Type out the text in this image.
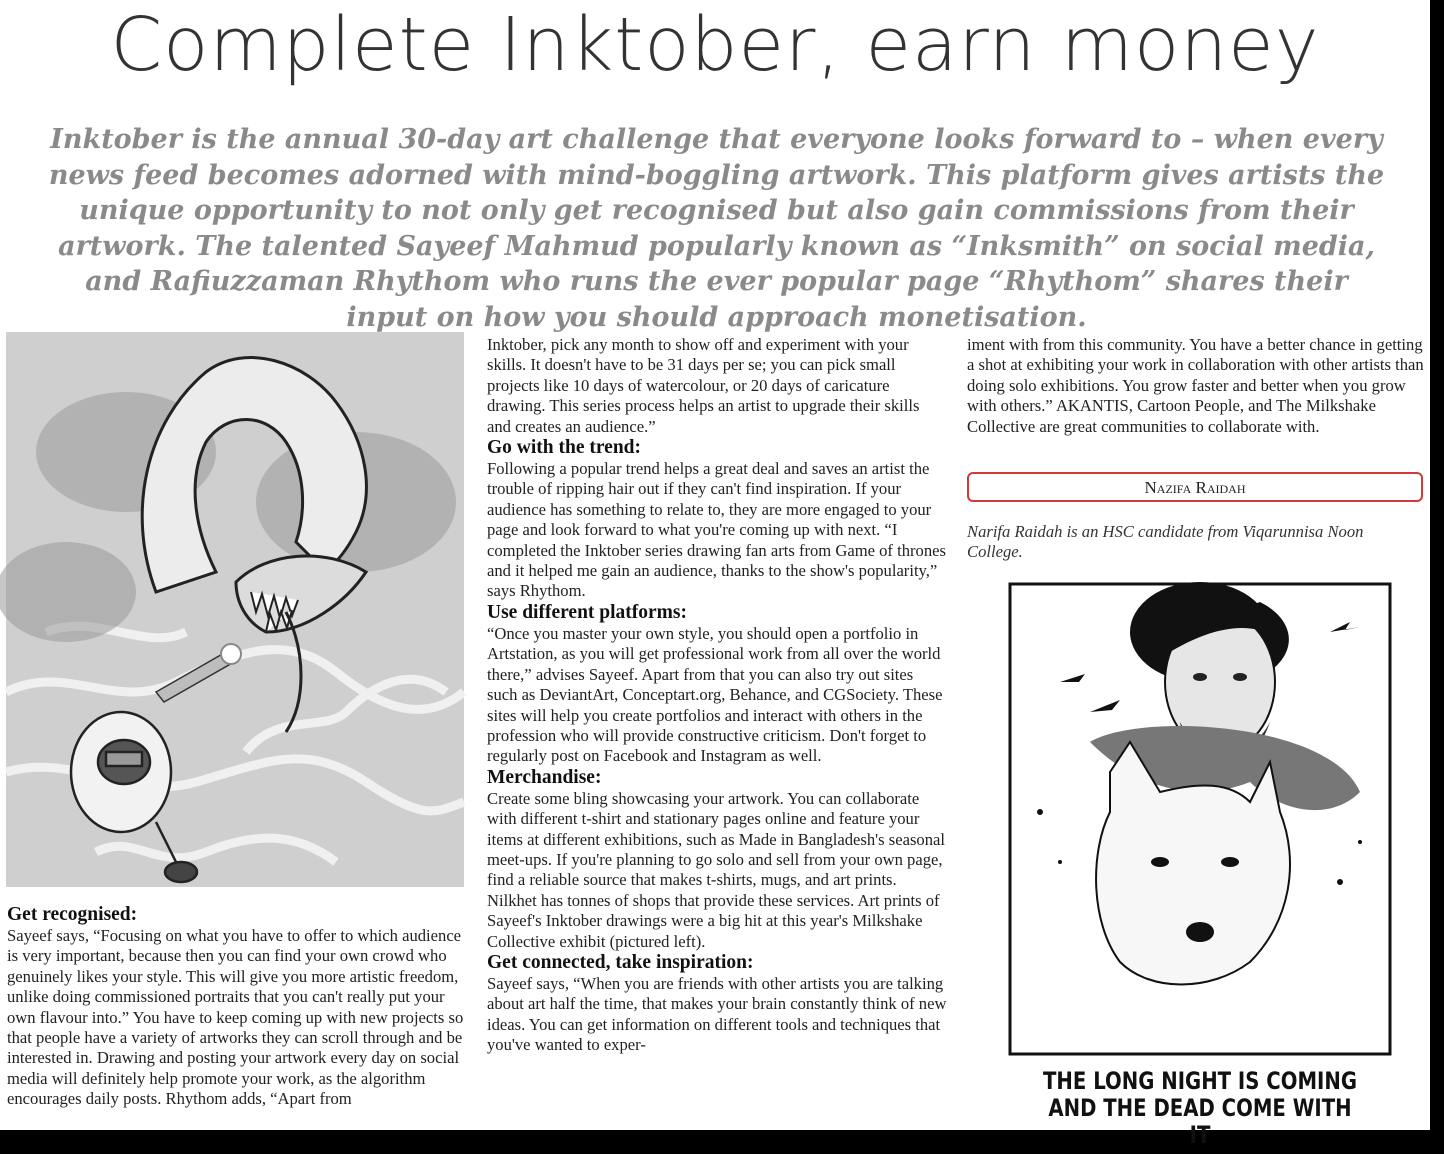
Complete Inktober, earn money

Inktober is the annual 30-day art challenge that everyone looks forward to – when every news feed becomes adorned with mind-boggling artwork. This platform gives artists the unique opportunity to not only get recognised but also gain commissions from their artwork. The talented Sayeef Mahmud popularly known as “Inksmith” on social media, and Rafiuzzaman Rhythom who runs the ever popular page “Rhythom” shares their input on how you should approach monetisation.

Get recognised:

Sayeef says, “Focusing on what you have to offer to which audience is very important, because then you can find your own crowd who genuinely likes your style. This will give you more artistic freedom, unlike doing commissioned portraits that you can't really put your own flavour into.” You have to keep coming up with new projects so that people have a variety of artworks they can scroll through and be interested in. Drawing and posting your artwork every day on social media will definitely help promote your work, as the algorithm encourages daily posts. Rhythom adds, “Apart from

Inktober, pick any month to show off and experiment with your skills. It doesn't have to be 31 days per se; you can pick small projects like 10 days of watercolour, or 20 days of caricature drawing. This series process helps an artist to upgrade their skills and creates an audience.”

Go with the trend:

Following a popular trend helps a great deal and saves an artist the trouble of ripping hair out if they can't find inspiration. If your audience has something to relate to, they are more engaged to your page and look forward to what you're coming up with next. “I completed the Inktober series drawing fan arts from Game of thrones and it helped me gain an audience, thanks to the show's popularity,” says Rhythom.

Use different platforms:

“Once you master your own style, you should open a portfolio in Artstation, as you will get professional work from all over the world there,” advises Sayeef. Apart from that you can also try out sites such as DeviantArt, Conceptart.org, Behance, and CGSociety. These sites will help you create portfolios and interact with others in the profession who will provide constructive criticism. Don't forget to regularly post on Facebook and Instagram as well.

Merchandise:

Create some bling showcasing your artwork. You can collaborate with different t-shirt and stationary pages online and feature your items at different exhibitions, such as Made in Bangladesh's seasonal meet-ups. If you're planning to go solo and sell from your own page, find a reliable source that makes t-shirts, mugs, and art prints. Nilkhet has tonnes of shops that provide these services. Art prints of Sayeef's Inktober drawings were a big hit at this year's Milkshake Collective exhibit (pictured left).

Get connected, take inspiration:

Sayeef says, “When you are friends with other artists you are talking about art half the time, that makes your brain constantly think of new ideas. You can get information on different tools and techniques that you've wanted to exper-

iment with from this community. You have a better chance in getting a shot at exhibiting your work in collaboration with other artists than doing solo exhibitions. You grow faster and better when you grow with others.” AKANTIS, Cartoon People, and The Milkshake Collective are great communities to collaborate with.

Nazifa Raidah
Narifa Raidah is an HSC candidate from Viqarunnisa Noon College.
THE LONG NIGHT IS COMING AND THE DEAD COME WITH IT
